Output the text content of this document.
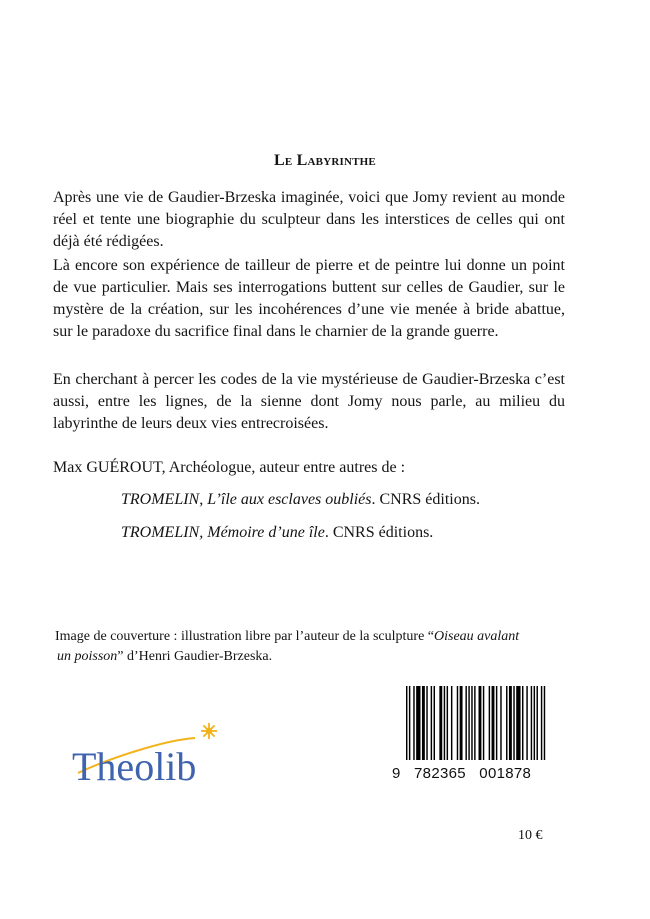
Le Labyrinthe
Après une vie de Gaudier-Brzeska imaginée, voici que Jomy revient au monde réel et tente une biographie du sculpteur dans les interstices de celles qui ont déjà été rédigées.
Là encore son expérience de tailleur de pierre et de peintre lui donne un point de vue particulier. Mais ses interrogations buttent sur celles de Gaudier, sur le mystère de la création, sur les incohérences d’une vie menée à bride abattue, sur le paradoxe du sacrifice final dans le charnier de la grande guerre.
En cherchant à percer les codes de la vie mystérieuse de Gaudier-Brzeska c’est aussi, entre les lignes, de la sienne dont Jomy nous parle, au milieu du labyrinthe de leurs deux vies entrecroisées.
Max GUÉROUT, Archéologue, auteur entre autres de :
TROMELIN, L’île aux esclaves oubliés. CNRS éditions.
TROMELIN, Mémoire d’une île. CNRS éditions.
Image de couverture : illustration libre par l’auteur de la sculpture “Oiseau avalant
un poisson” d’Henri Gaudier-Brzeska.
Theolib	9   782365   001878
10 €
